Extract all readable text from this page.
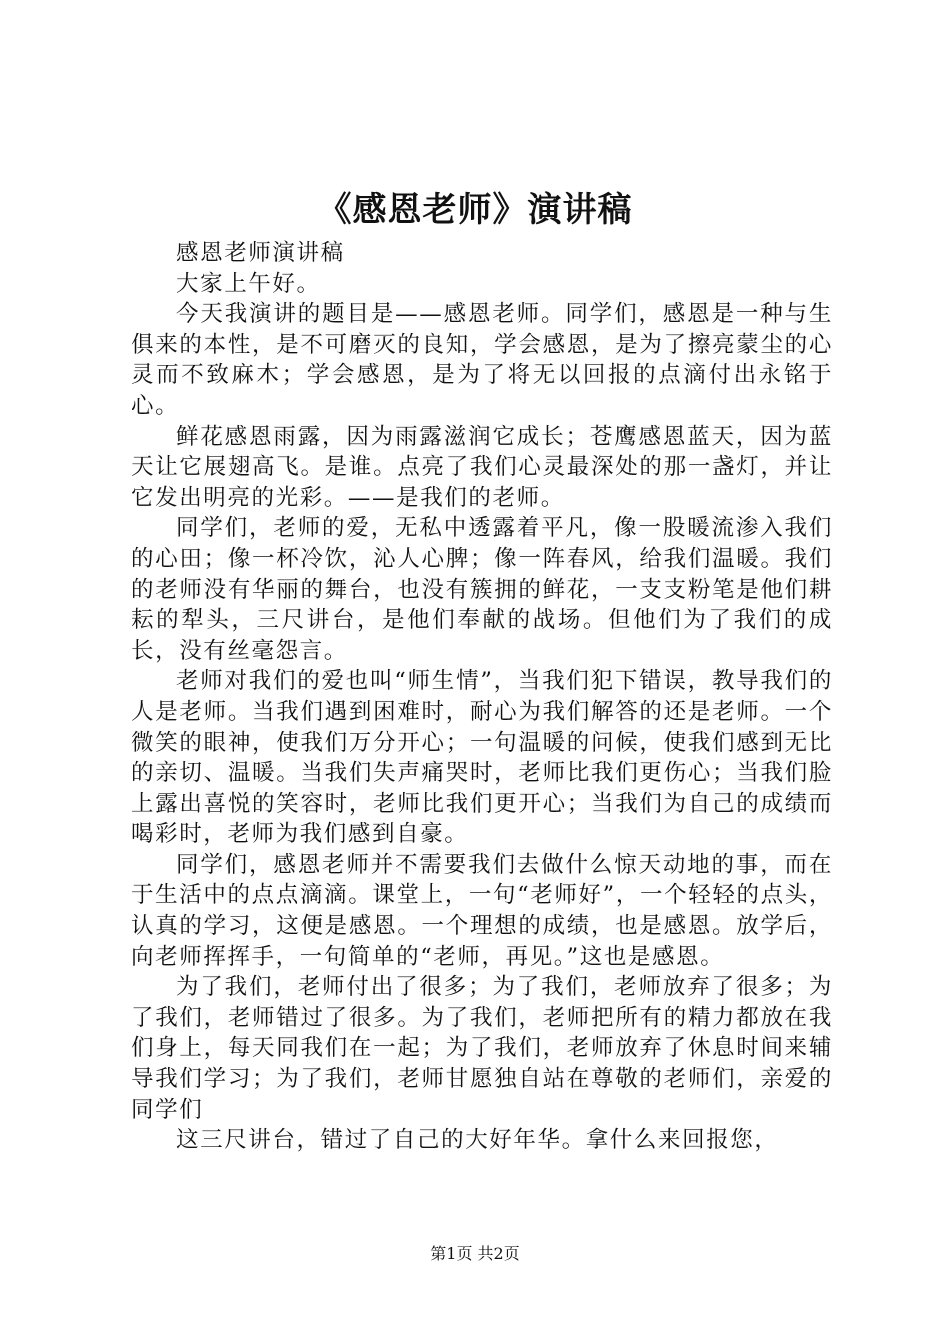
《感恩老师》演讲稿

感恩老师演讲稿

大家上午好。

今天我演讲的题目是——感恩老师。同学们，感恩是一种与生俱来的本性，是不可磨灭的良知，学会感恩，是为了擦亮蒙尘的心灵而不致麻木；学会感恩，是为了将无以回报的点滴付出永铭于心。

鲜花感恩雨露，因为雨露滋润它成长；苍鹰感恩蓝天，因为蓝天让它展翅高飞。是谁。点亮了我们心灵最深处的那一盏灯，并让它发出明亮的光彩。——是我们的老师。

同学们，老师的爱，无私中透露着平凡，像一股暖流渗入我们的心田；像一杯冷饮，沁人心脾；像一阵春风，给我们温暖。我们的老师没有华丽的舞台，也没有簇拥的鲜花，一支支粉笔是他们耕耘的犁头，三尺讲台，是他们奉献的战场。但他们为了我们的成长，没有丝毫怨言。

老师对我们的爱也叫“师生情”，当我们犯下错误，教导我们的人是老师。当我们遇到困难时，耐心为我们解答的还是老师。一个微笑的眼神，使我们万分开心；一句温暖的问候，使我们感到无比的亲切、温暖。当我们失声痛哭时，老师比我们更伤心；当我们脸上露出喜悦的笑容时，老师比我们更开心；当我们为自己的成绩而喝彩时，老师为我们感到自豪。

同学们，感恩老师并不需要我们去做什么惊天动地的事，而在于生活中的点点滴滴。课堂上，一句“老师好”，一个轻轻的点头，认真的学习，这便是感恩。一个理想的成绩，也是感恩。放学后，向老师挥挥手，一句简单的“老师，再见。”这也是感恩。

为了我们，老师付出了很多；为了我们，老师放弃了很多；为了我们，老师错过了很多。为了我们，老师把所有的精力都放在我们身上，每天同我们在一起；为了我们，老师放弃了休息时间来辅导我们学习；为了我们，老师甘愿独自站在尊敬的老师们，亲爱的同学们

这三尺讲台，错过了自己的大好年华。拿什么来回报您，

第1页 共2页
